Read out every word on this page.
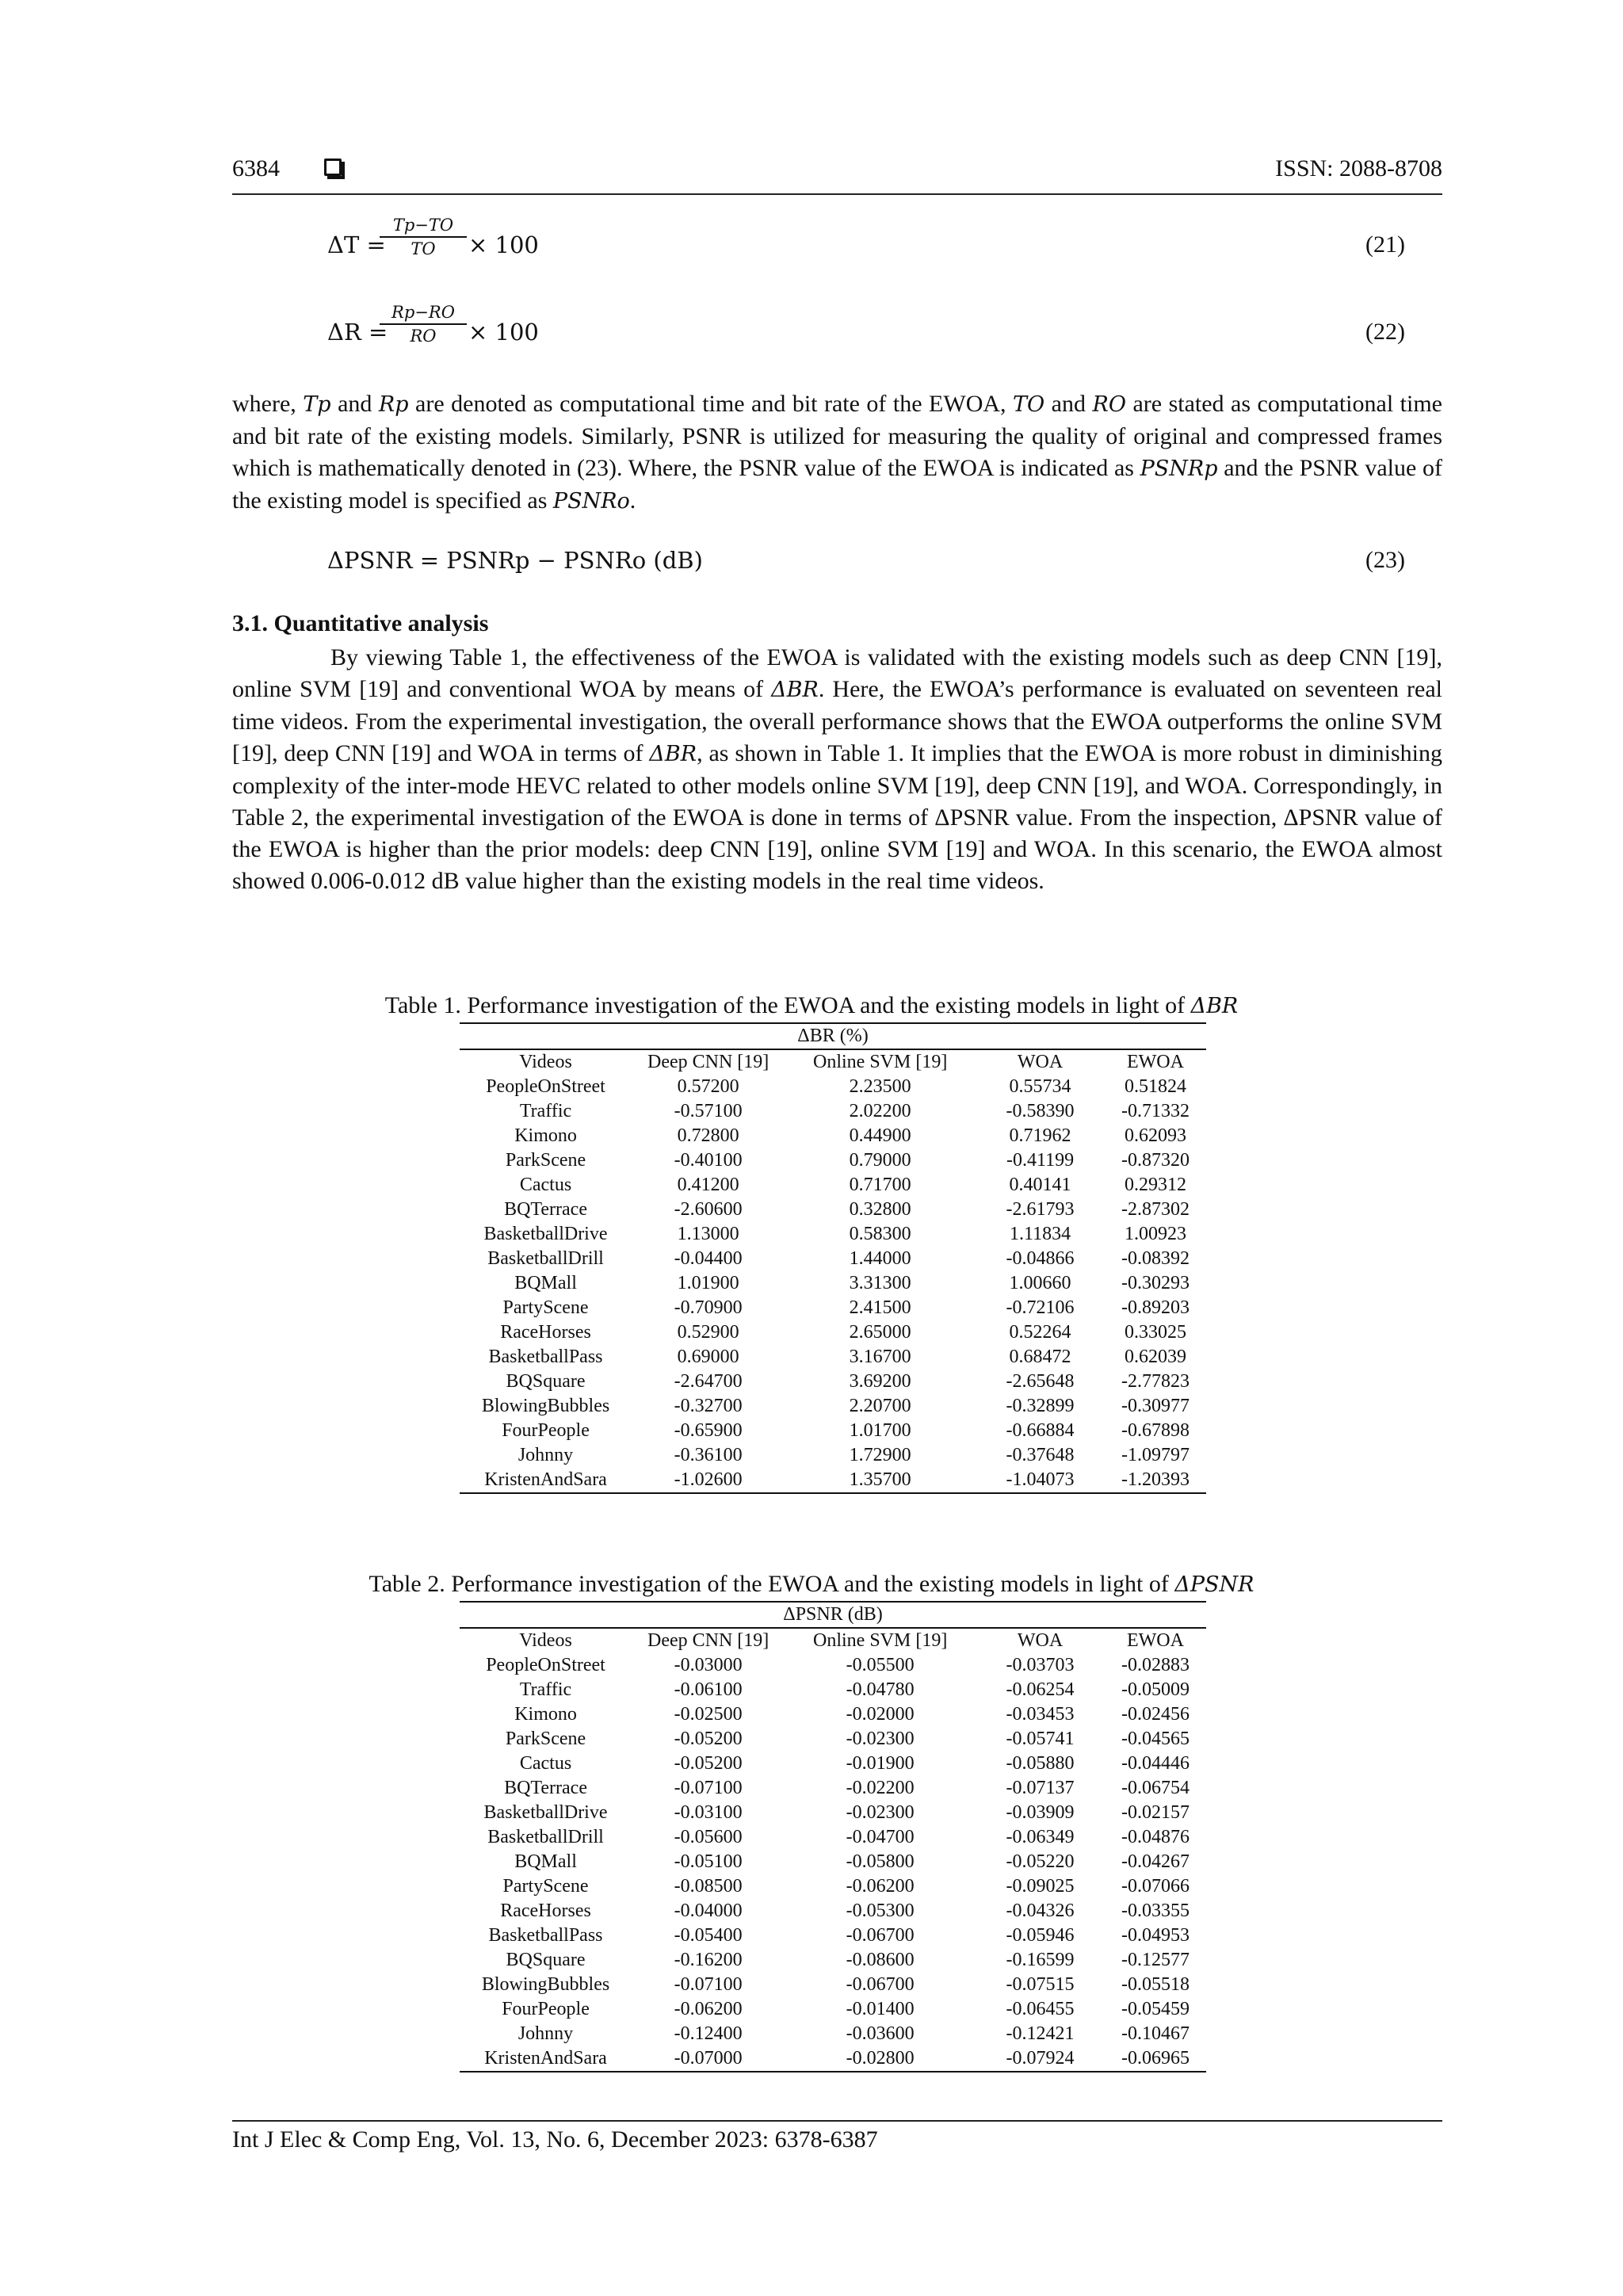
6384	ISSN: 2088-8708
ΔT =
$\frac{Tp-TO}{TO} \times 100$	(21)
ΔR =
$\frac{Rp-RO}{RO} \times 100$	(22)

where, Tp and Rp are denoted as computational time and bit rate of the EWOA, TO and RO are stated as computational time and bit rate of the existing models. Similarly, PSNR is utilized for measuring the quality of original and compressed frames which is mathematically denoted in (23). Where, the PSNR value of the EWOA is indicated as PSNRp and the PSNR value of the existing model is specified as PSNRo.

ΔPSNR = PSNRp − PSNRo (dB)	(23)
3.1. Quantitative analysis

By viewing Table 1, the effectiveness of the EWOA is validated with the existing models such as deep CNN [19], online SVM [19] and conventional WOA by means of ΔBR. Here, the EWOA’s performance is evaluated on seventeen real time videos. From the experimental investigation, the overall performance shows that the EWOA outperforms the online SVM [19], deep CNN [19] and WOA in terms of ΔBR, as shown in Table 1. It implies that the EWOA is more robust in diminishing complexity of the inter-mode HEVC related to other models online SVM [19], deep CNN [19], and WOA. Correspondingly, in Table 2, the experimental investigation of the EWOA is done in terms of ΔPSNR value. From the inspection, ΔPSNR value of the EWOA is higher than the prior models: deep CNN [19], online SVM [19] and WOA. In this scenario, the EWOA almost showed 0.006-0.012 dB value higher than the existing models in the real time videos.

Table 1. Performance investigation of the EWOA and the existing models in light of ΔBR
ΔBR (%)				
Videos	Deep CNN [19]	Online SVM [19]	WOA	EWOA
PeopleOnStreet	0.57200	2.23500	0.55734	0.51824
Traffic	-0.57100	2.02200	-0.58390	-0.71332
Kimono	0.72800	0.44900	0.71962	0.62093
ParkScene	-0.40100	0.79000	-0.41199	-0.87320
Cactus	0.41200	0.71700	0.40141	0.29312
BQTerrace	-2.60600	0.32800	-2.61793	-2.87302
BasketballDrive	1.13000	0.58300	1.11834	1.00923
BasketballDrill	-0.04400	1.44000	-0.04866	-0.08392
BQMall	1.01900	3.31300	1.00660	-0.30293
PartyScene	-0.70900	2.41500	-0.72106	-0.89203
RaceHorses	0.52900	2.65000	0.52264	0.33025
BasketballPass	0.69000	3.16700	0.68472	0.62039
BQSquare	-2.64700	3.69200	-2.65648	-2.77823
BlowingBubbles	-0.32700	2.20700	-0.32899	-0.30977
FourPeople	-0.65900	1.01700	-0.66884	-0.67898
Johnny	-0.36100	1.72900	-0.37648	-1.09797
KristenAndSara	-1.02600	1.35700	-1.04073	-1.20393
Table 2. Performance investigation of the EWOA and the existing models in light of ΔPSNR
ΔPSNR (dB)				
Videos	Deep CNN [19]	Online SVM [19]	WOA	EWOA
PeopleOnStreet	-0.03000	-0.05500	-0.03703	-0.02883
Traffic	-0.06100	-0.04780	-0.06254	-0.05009
Kimono	-0.02500	-0.02000	-0.03453	-0.02456
ParkScene	-0.05200	-0.02300	-0.05741	-0.04565
Cactus	-0.05200	-0.01900	-0.05880	-0.04446
BQTerrace	-0.07100	-0.02200	-0.07137	-0.06754
BasketballDrive	-0.03100	-0.02300	-0.03909	-0.02157
BasketballDrill	-0.05600	-0.04700	-0.06349	-0.04876
BQMall	-0.05100	-0.05800	-0.05220	-0.04267
PartyScene	-0.08500	-0.06200	-0.09025	-0.07066
RaceHorses	-0.04000	-0.05300	-0.04326	-0.03355
BasketballPass	-0.05400	-0.06700	-0.05946	-0.04953
BQSquare	-0.16200	-0.08600	-0.16599	-0.12577
BlowingBubbles	-0.07100	-0.06700	-0.07515	-0.05518
FourPeople	-0.06200	-0.01400	-0.06455	-0.05459
Johnny	-0.12400	-0.03600	-0.12421	-0.10467
KristenAndSara	-0.07000	-0.02800	-0.07924	-0.06965
Int J Elec & Comp Eng, Vol. 13, No. 6, December 2023: 6378-6387
